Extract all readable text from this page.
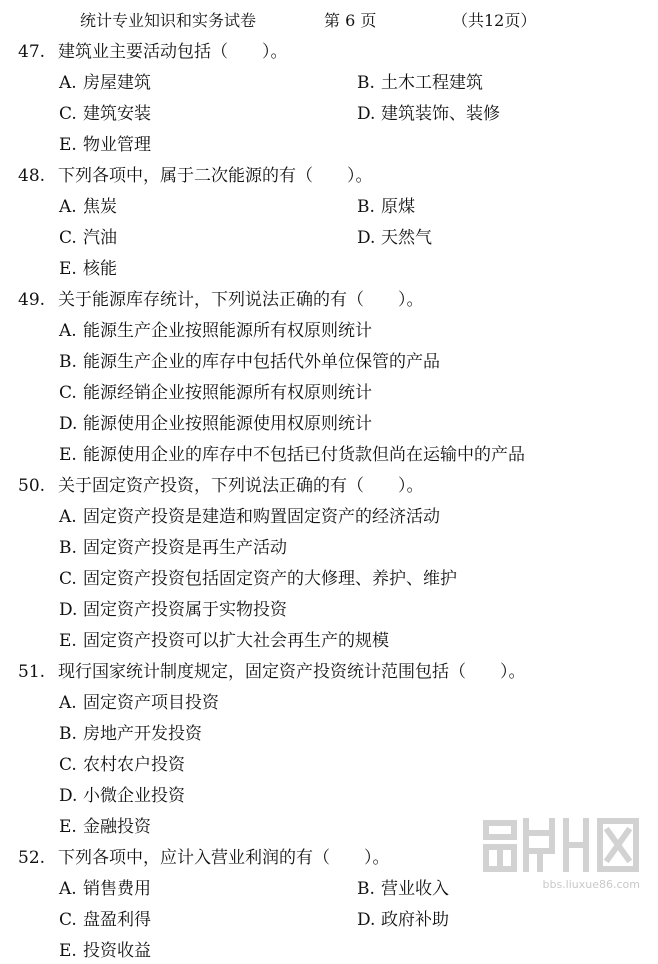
统计专业知识和实务试卷	第 6 页	（共12页）
47. 建筑业主要活动包括（　　）。
A. 房屋建筑	B. 土木工程建筑
C. 建筑安装	D. 建筑装饰、装修
E. 物业管理
48. 下列各项中，属于二次能源的有（　　）。
A. 焦炭	B. 原煤
C. 汽油	D. 天然气
E. 核能
49. 关于能源库存统计，下列说法正确的有（　　）。
A. 能源生产企业按照能源所有权原则统计
B. 能源生产企业的库存中包括代外单位保管的产品
C. 能源经销企业按照能源所有权原则统计
D. 能源使用企业按照能源使用权原则统计
E. 能源使用企业的库存中不包括已付货款但尚在运输中的产品
50. 关于固定资产投资，下列说法正确的有（　　）。
A. 固定资产投资是建造和购置固定资产的经济活动
B. 固定资产投资是再生产活动
C. 固定资产投资包括固定资产的大修理、养护、维护
D. 固定资产投资属于实物投资
E. 固定资产投资可以扩大社会再生产的规模
51. 现行国家统计制度规定，固定资产投资统计范围包括（　　）。
A. 固定资产项目投资
B. 房地产开发投资
C. 农村农户投资
D. 小微企业投资
E. 金融投资
52. 下列各项中，应计入营业利润的有（　　）。
A. 销售费用	B. 营业收入
C. 盘盈利得	D. 政府补助
E. 投资收益
bbs.liuxue86.com
